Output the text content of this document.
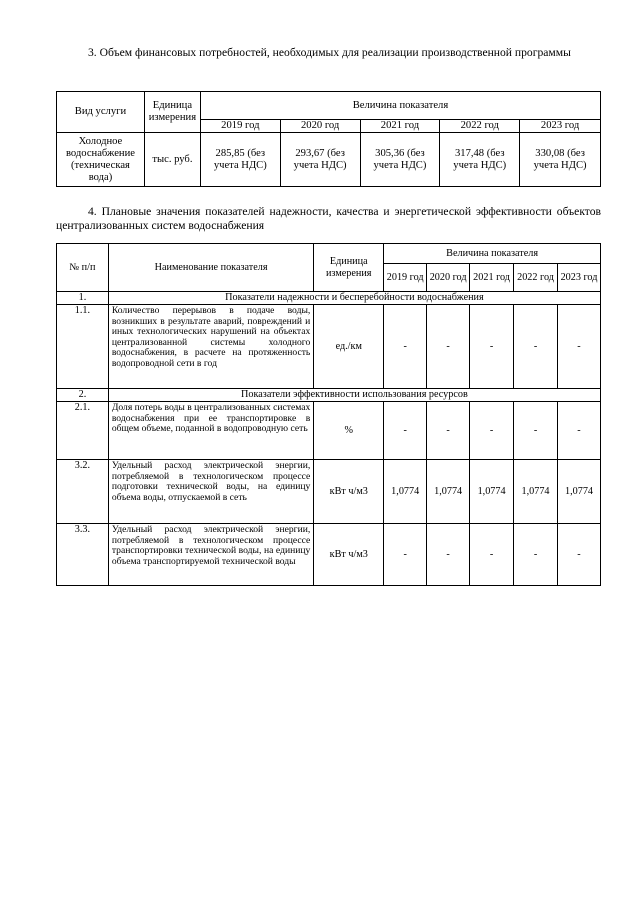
3. Объем финансовых потребностей, необходимых для реализации производственной программы
Вид услуги	Единица измерения	Величина показателя				
		2019 год	2020 год	2021 год	2022 год	2023 год
Холодное водоснабжение (техническая вода)	тыс. руб.	285,85 (без учета НДС)	293,67 (без учета НДС)	305,36 (без учета НДС)	317,48 (без учета НДС)	330,08 (без учета НДС)
4. Плановые значения показателей надежности, качества и энергетической эффективности объектов централизованных систем водоснабжения
№ п/п	Наименование показателя	Единица измерения	Величина показателя				
			2019 год	2020 год	2021 год	2022 год	2023 год
1.	Показатели надежности и бесперебойности водоснабжения						
1.1.	Количество перерывов в подаче воды, возникших в результате аварий, повреждений и иных технологических нарушений на объектах централизованной системы холодного водоснабжения, в расчете на протяженность водопроводной сети в год	ед./км	-	-	-	-	-
2.	Показатели эффективности использования ресурсов						
2.1.	Доля потерь воды в централизованных системах водоснабжения при ее транспортировке в общем объеме, поданной в водопроводную сеть	%	-	-	-	-	-
3.2.	Удельный расход электрической энергии, потребляемой в технологическом процессе подготовки технической воды, на единицу объема воды, отпускаемой в сеть	кВт ч/м3	1,0774	1,0774	1,0774	1,0774	1,0774
3.3.	Удельный расход электрической энергии, потребляемой в технологическом процессе транспортировки технической воды, на единицу объема транспортируемой технической воды	кВт ч/м3	-	-	-	-	-
